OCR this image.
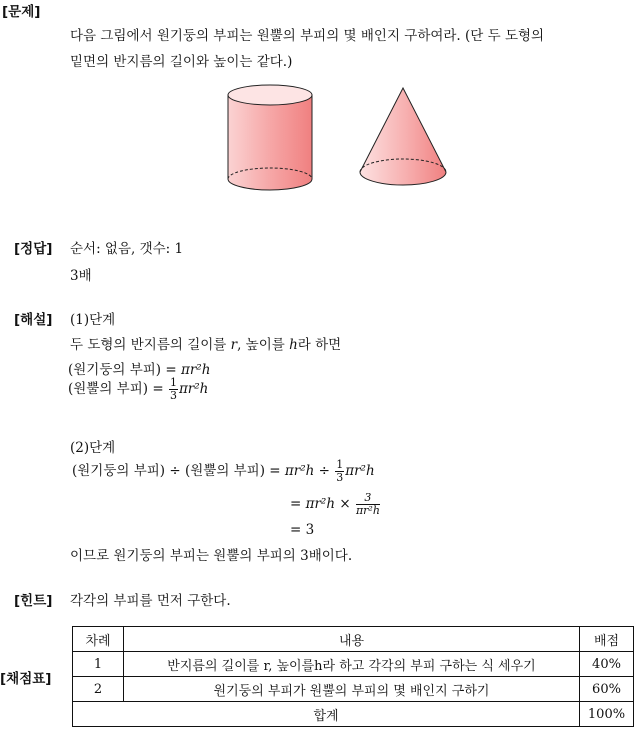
[문제]
다음 그림에서 원기둥의 부피는 원뿔의 부피의 몇 배인지 구하여라. (단 두 도형의
밑면의 반지름의 길이와 높이는 같다.)
[정답] 순서: 없음, 갯수: 1
3배
[해설] (1)단계
두 도형의 반지름의 길이를 r, 높이를 h라 하면
(원기둥의 부피) = πr²h
(원뿔의 부피) = $\frac{1}{3} \pi r^2h$
(2)단계
(원기둥의 부피) ÷ (원뿔의 부피) = $\pi r^2h \div \frac{1}{3} \pi r^2h$
= $\pi r^2h \times \frac{3}{\text{πr²h}}$
= 3
이므로 원기둥의 부피는 원뿔의 부피의 3배이다.
[힌트] 각각의 부피를 먼저 구한다.
[채점표]
차례	내용	배점
1	반지름의 길이를 r, 높이를h라 하고 각각의 부피 구하는 식 세우기	40%
2	원기둥의 부피가 원뿔의 부피의 몇 배인지 구하기	60%
합계		100%
